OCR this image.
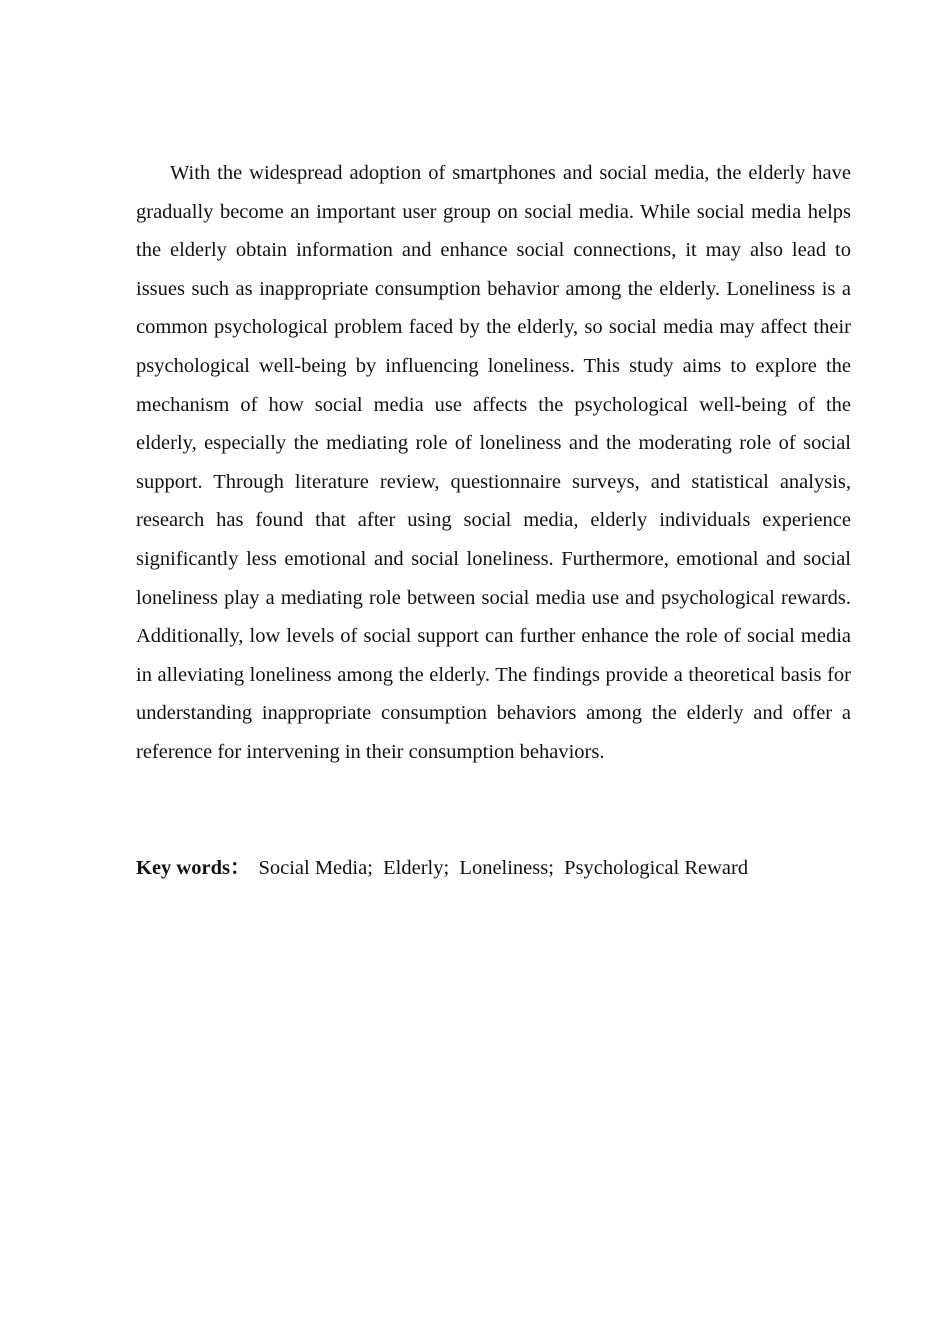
With the widespread adoption of smartphones and social media, the elderly have gradually become an important user group on social media. While social media helps the elderly obtain information and enhance social connections, it may also lead to issues such as inappropriate consumption behavior among the elderly. Loneliness is a common psychological problem faced by the elderly, so social media may affect their psychological well-being by influencing loneliness. This study aims to explore the mechanism of how social media use affects the psychological well-being of the elderly, especially the mediating role of loneliness and the moderating role of social support. Through literature review, questionnaire surveys, and statistical analysis, research has found that after using social media, elderly individuals experience significantly less emotional and social loneliness. Furthermore, emotional and social loneliness play a mediating role between social media use and psychological rewards. Additionally, low levels of social support can further enhance the role of social media in alleviating loneliness among the elderly. The findings provide a theoretical basis for understanding inappropriate consumption behaviors among the elderly and offer a reference for intervening in their consumption behaviors.

Key words： Social Media;  Elderly;  Loneliness;  Psychological Reward
